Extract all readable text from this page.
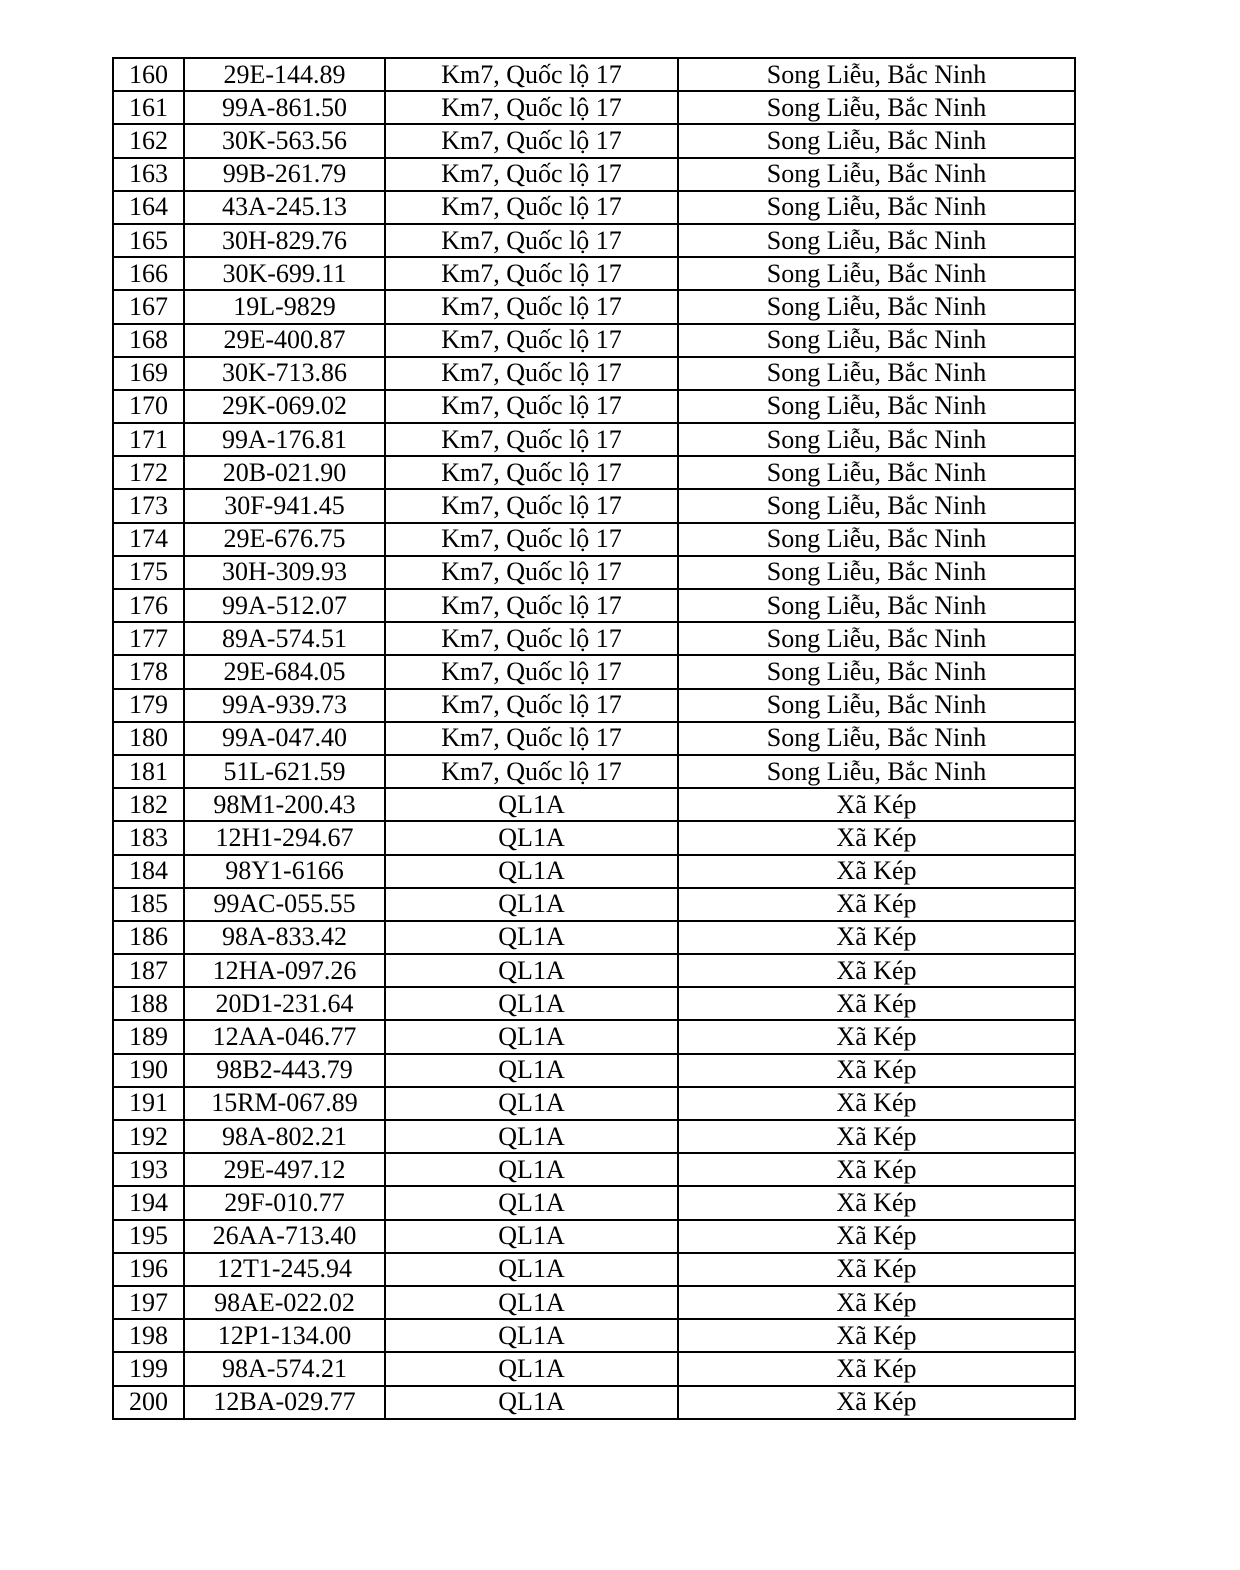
160	29E-144.89	Km7, Quốc lộ 17	Song Liễu, Bắc Ninh
161	99A-861.50	Km7, Quốc lộ 17	Song Liễu, Bắc Ninh
162	30K-563.56	Km7, Quốc lộ 17	Song Liễu, Bắc Ninh
163	99B-261.79	Km7, Quốc lộ 17	Song Liễu, Bắc Ninh
164	43A-245.13	Km7, Quốc lộ 17	Song Liễu, Bắc Ninh
165	30H-829.76	Km7, Quốc lộ 17	Song Liễu, Bắc Ninh
166	30K-699.11	Km7, Quốc lộ 17	Song Liễu, Bắc Ninh
167	19L-9829	Km7, Quốc lộ 17	Song Liễu, Bắc Ninh
168	29E-400.87	Km7, Quốc lộ 17	Song Liễu, Bắc Ninh
169	30K-713.86	Km7, Quốc lộ 17	Song Liễu, Bắc Ninh
170	29K-069.02	Km7, Quốc lộ 17	Song Liễu, Bắc Ninh
171	99A-176.81	Km7, Quốc lộ 17	Song Liễu, Bắc Ninh
172	20B-021.90	Km7, Quốc lộ 17	Song Liễu, Bắc Ninh
173	30F-941.45	Km7, Quốc lộ 17	Song Liễu, Bắc Ninh
174	29E-676.75	Km7, Quốc lộ 17	Song Liễu, Bắc Ninh
175	30H-309.93	Km7, Quốc lộ 17	Song Liễu, Bắc Ninh
176	99A-512.07	Km7, Quốc lộ 17	Song Liễu, Bắc Ninh
177	89A-574.51	Km7, Quốc lộ 17	Song Liễu, Bắc Ninh
178	29E-684.05	Km7, Quốc lộ 17	Song Liễu, Bắc Ninh
179	99A-939.73	Km7, Quốc lộ 17	Song Liễu, Bắc Ninh
180	99A-047.40	Km7, Quốc lộ 17	Song Liễu, Bắc Ninh
181	51L-621.59	Km7, Quốc lộ 17	Song Liễu, Bắc Ninh
182	98M1-200.43	QL1A	Xã Kép
183	12H1-294.67	QL1A	Xã Kép
184	98Y1-6166	QL1A	Xã Kép
185	99AC-055.55	QL1A	Xã Kép
186	98A-833.42	QL1A	Xã Kép
187	12HA-097.26	QL1A	Xã Kép
188	20D1-231.64	QL1A	Xã Kép
189	12AA-046.77	QL1A	Xã Kép
190	98B2-443.79	QL1A	Xã Kép
191	15RM-067.89	QL1A	Xã Kép
192	98A-802.21	QL1A	Xã Kép
193	29E-497.12	QL1A	Xã Kép
194	29F-010.77	QL1A	Xã Kép
195	26AA-713.40	QL1A	Xã Kép
196	12T1-245.94	QL1A	Xã Kép
197	98AE-022.02	QL1A	Xã Kép
198	12P1-134.00	QL1A	Xã Kép
199	98A-574.21	QL1A	Xã Kép
200	12BA-029.77	QL1A	Xã Kép
